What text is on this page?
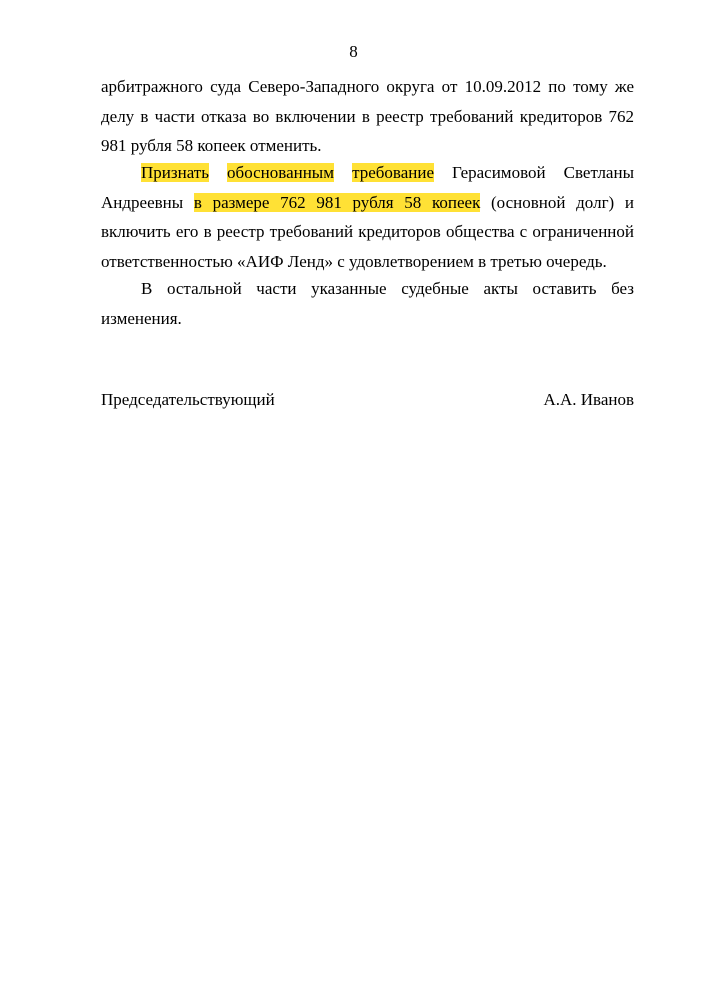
8
арбитражного суда Северо-Западного округа от 10.09.2012 по тому же делу в части отказа во включении в реестр требований кредиторов 762 981 рубля 58 копеек отменить.
Признать обоснованным требование Герасимовой Светланы Андреевны в размере 762 981 рубля 58 копеек (основной долг) и включить его в реестр требований кредиторов общества с ограниченной ответственностью «АИФ Ленд» с удовлетворением в третью очередь.
В остальной части указанные судебные акты оставить без изменения.
Председательствующий	А.А. Иванов
